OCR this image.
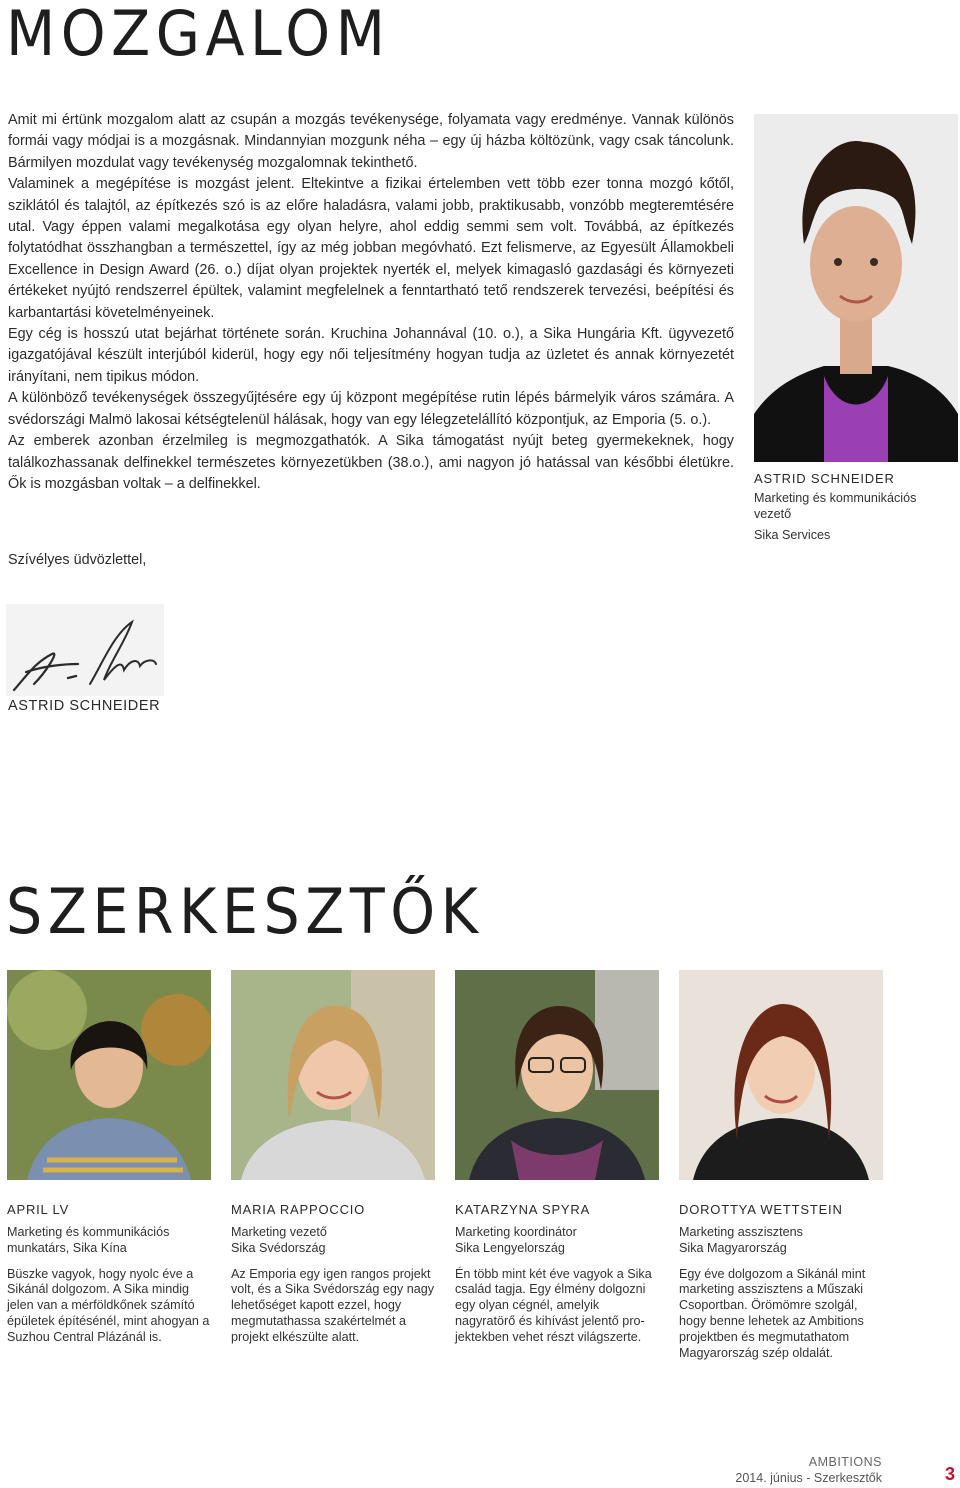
MOZGALOM

Amit mi értünk mozgalom alatt az csupán a mozgás tevékenysége, folyamata vagy eredménye. Vannak különös formái vagy módjai is a mozgásnak. Mindannyian mozgunk néha – egy új házba költözünk, vagy csak táncolunk. Bármilyen mozdulat vagy tevékenység mozgalomnak tekinthető.

Valaminek a megépítése is mozgást jelent. Eltekintve a fizikai értelemben vett több ezer tonna mozgó kőtől, sziklától és talajtól, az építkezés szó is az előre haladásra, valami jobb, praktikusabb, vonzóbb megteremtésére utal. Vagy éppen valami megalkotása egy olyan helyre, ahol eddig semmi sem volt. Továbbá, az építkezés folytatódhat összhangban a természettel, így az még jobban megóvható. Ezt felismerve, az Egyesült Államokbeli Excellence in Design Award (26. o.) díjat olyan projektek nyerték el, melyek kimagasló gazdasági és környezeti értékeket nyújtó rendszerrel épültek, valamint megfelelnek a fenntartható tető rendszerek tervezési, beépítési és karbantartási követelményeinek.

Egy cég is hosszú utat bejárhat története során. Kruchina Johannával (10. o.), a Sika Hungária Kft. ügyvezető igazgatójával készült interjúból kiderül, hogy egy női teljesítmény hogyan tudja az üzletet és annak környezetét irányítani, nem tipikus módon.

A különböző tevékenységek összegyűjtésére egy új központ megépítése rutin lépés bármelyik város számára. A svédországi Malmö lakosai kétségtelenül hálásak, hogy van egy lélegzetelállító központjuk, az Emporia (5. o.).

Az emberek azonban érzelmileg is megmozgathatók. A Sika támogatást nyújt beteg gyermekeknek, hogy találkozhassanak delfinekkel természetes környezetükben (38.o.), ami nagyon jó hatással van későbbi életükre. Ők is mozgásban voltak – a delfinekkel.

Szívélyes üdvözlettel,
ASTRID SCHNEIDER
ASTRID SCHNEIDER
Marketing és kommunikációs vezető
Sika Services
SZERKESZTŐK
APRIL LV
Marketing és kommunikációs munkatárs, Sika Kína
Büszke vagyok, hogy nyolc éve a Sikánál dolgozom. A Sika mindig jelen van a mérföldkőnek számító épületek építésénél, mint ahogyan a Suzhou Central Plázánál is.
MARIA RAPPOCCIO
Marketing vezető
Sika Svédország
Az Emporia egy igen rangos projekt volt, és a Sika Svédország egy nagy lehetőséget kapott ezzel, hogy megmutathassa szakértelmét a projekt elkészülte alatt.
KATARZYNA SPYRA
Marketing koordinátor
Sika Lengyelország
Én több mint két éve vagyok a Sika család tagja. Egy élmény dolgozni egy olyan cégnél, amelyik nagyratörő és kihívást jelentő projektekben vehet részt világszerte.
DOROTTYA WETTSTEIN
Marketing asszisztens
Sika Magyarország
Egy éve dolgozom a Sikánál mint marketing asszisztens a Műszaki Csoportban. Örömömre szolgál, hogy benne lehetek az Ambitions projektben és megmutathatom Magyarország szép oldalát.
AMBITIONS
2014. június - Szerkesztők	3
